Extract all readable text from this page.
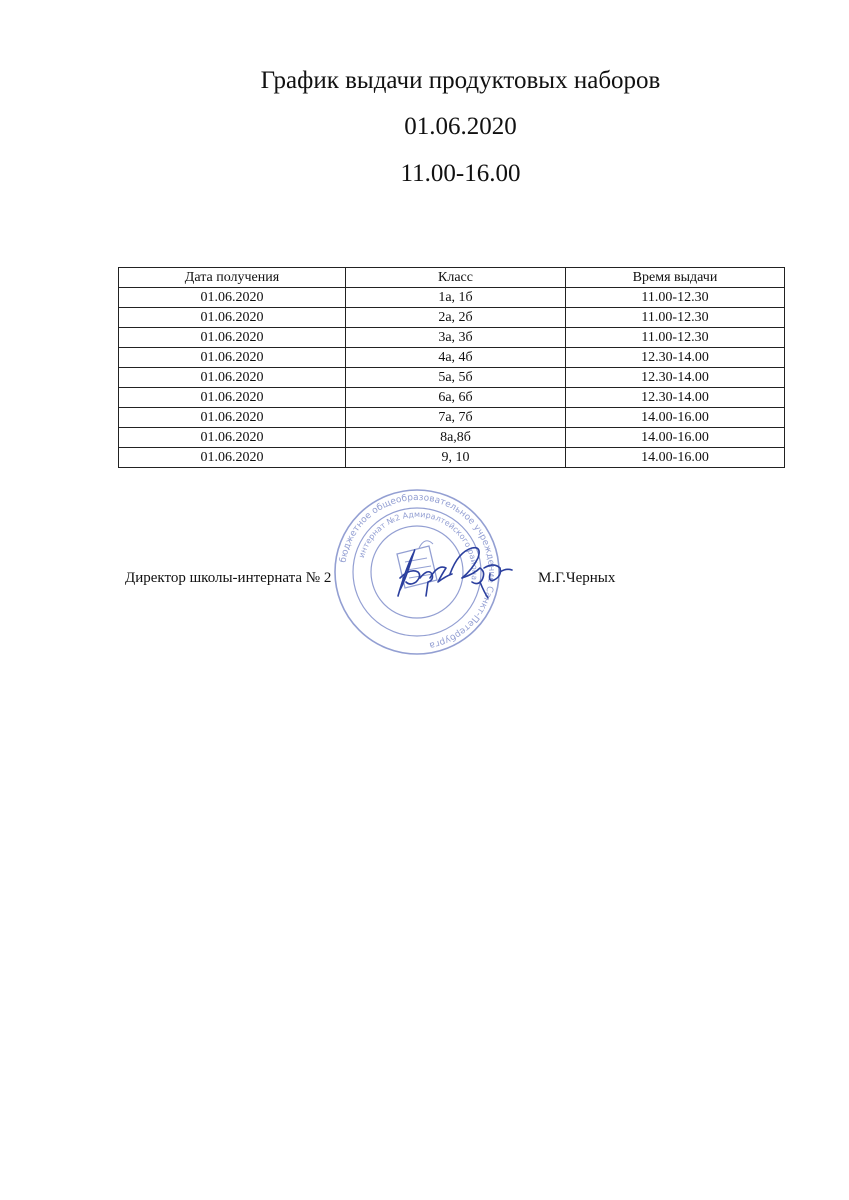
График выдачи продуктовых наборов
01.06.2020
11.00-16.00
Дата получения	Класс	Время выдачи
01.06.2020	1а, 1б	11.00-12.30
01.06.2020	2а, 2б	11.00-12.30
01.06.2020	3а, 3б	11.00-12.30
01.06.2020	4а, 4б	12.30-14.00
01.06.2020	5а, 5б	12.30-14.00
01.06.2020	6а, 6б	12.30-14.00
01.06.2020	7а, 7б	14.00-16.00
01.06.2020	8а,8б	14.00-16.00
01.06.2020	9, 10	14.00-16.00
бюджетное общеобразовательное учреждение Санкт-Петербурга
интернат №2 Адмиралтейского района
Директор школы-интерната № 2	М.Г.Черных
